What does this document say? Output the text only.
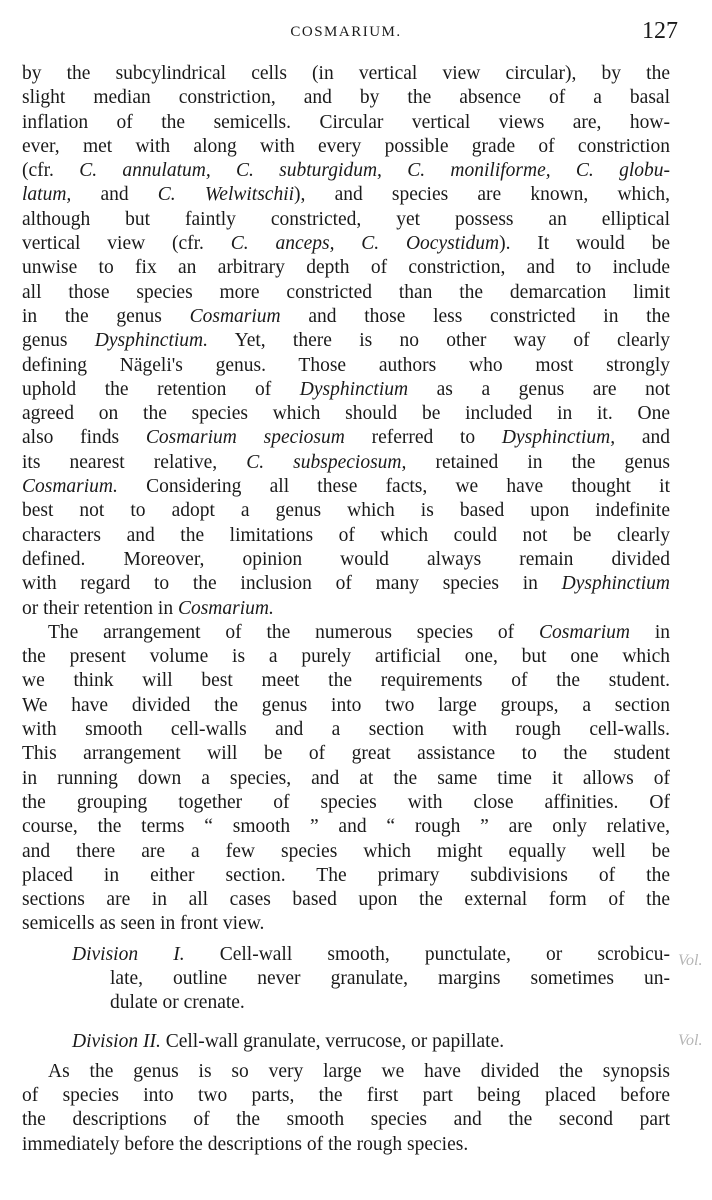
COSMARIUM.	127
by the subcylindrical cells (in vertical view circular), by the
slight median constriction, and by the absence of a basal
inflation of the semicells. Circular vertical views are, how-
ever, met with along with every possible grade of constriction
(cfr. C. annulatum, C. subturgidum, C. moniliforme, C. globu-
latum, and C. Welwitschii), and species are known, which,
although but faintly constricted, yet possess an elliptical
vertical view (cfr. C. anceps, C. Oocystidum). It would be
unwise to fix an arbitrary depth of constriction, and to include
all those species more constricted than the demarcation limit
in the genus Cosmarium and those less constricted in the
genus Dysphinctium. Yet, there is no other way of clearly
defining Nägeli's genus. Those authors who most strongly
uphold the retention of Dysphinctium as a genus are not
agreed on the species which should be included in it. One
also finds Cosmarium speciosum referred to Dysphinctium, and
its nearest relative, C. subspeciosum, retained in the genus
Cosmarium. Considering all these facts, we have thought it
best not to adopt a genus which is based upon indefinite
characters and the limitations of which could not be clearly
defined. Moreover, opinion would always remain divided
with regard to the inclusion of many species in Dysphinctium
or their retention in Cosmarium.
The arrangement of the numerous species of Cosmarium in
the present volume is a purely artificial one, but one which
we think will best meet the requirements of the student.
We have divided the genus into two large groups, a section
with smooth cell-walls and a section with rough cell-walls.
This arrangement will be of great assistance to the student
in running down a species, and at the same time it allows of
the grouping together of species with close affinities. Of
course, the terms “ smooth ” and “ rough ” are only relative,
and there are a few species which might equally well be
placed in either section. The primary subdivisions of the
sections are in all cases based upon the external form of the
semicells as seen in front view.
Division I. Cell-wall smooth, punctulate, or scrobicu-
late, outline never granulate, margins sometimes un-
dulate or crenate.
Division II. Cell-wall granulate, verrucose, or papillate.
As the genus is so very large we have divided the synopsis
of species into two parts, the first part being placed before
the descriptions of the smooth species and the second part
immediately before the descriptions of the rough species.
Vol.
Vol.
